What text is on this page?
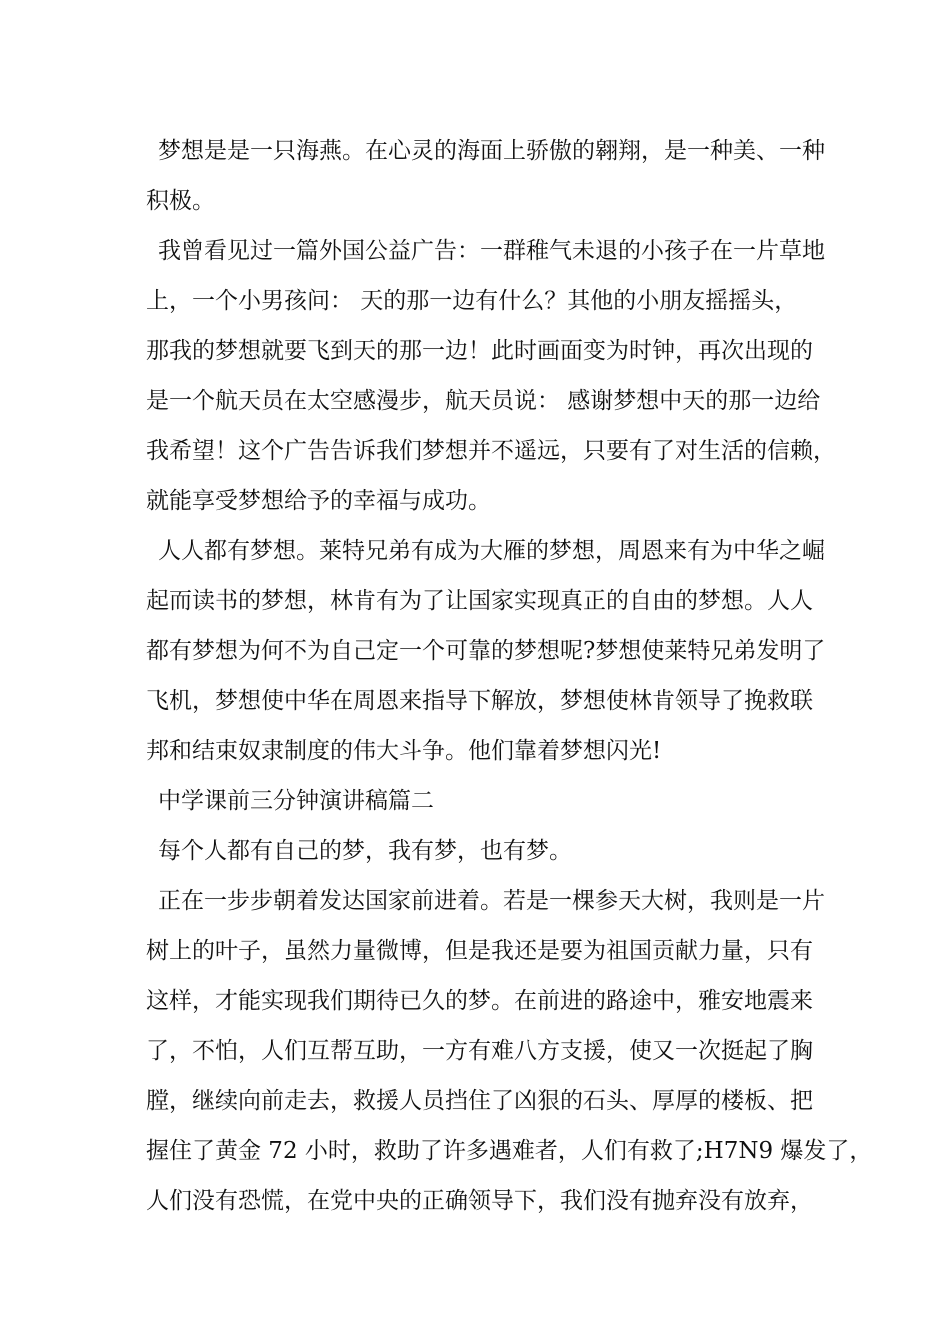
梦想是是一只海燕。在心灵的海面上骄傲的翱翔，是一种美、一种
积极。
我曾看见过一篇外国公益广告：一群稚气未退的小孩子在一片草地
上，一个小男孩问： 天的那一边有什么？其他的小朋友摇摇头，
那我的梦想就要飞到天的那一边！此时画面变为时钟，再次出现的
是一个航天员在太空感漫步，航天员说： 感谢梦想中天的那一边给
我希望！这个广告告诉我们梦想并不遥远，只要有了对生活的信赖，
就能享受梦想给予的幸福与成功。
人人都有梦想。莱特兄弟有成为大雁的梦想，周恩来有为中华之崛
起而读书的梦想，林肯有为了让国家实现真正的自由的梦想。人人
都有梦想为何不为自己定一个可靠的梦想呢?梦想使莱特兄弟发明了
飞机，梦想使中华在周恩来指导下解放，梦想使林肯领导了挽救联
邦和结束奴隶制度的伟大斗争。他们靠着梦想闪光!
中学课前三分钟演讲稿篇二
每个人都有自己的梦，我有梦，也有梦。
正在一步步朝着发达国家前进着。若是一棵参天大树，我则是一片
树上的叶子，虽然力量微博，但是我还是要为祖国贡献力量，只有
这样，才能实现我们期待已久的梦。在前进的路途中，雅安地震来
了，不怕，人们互帮互助，一方有难八方支援，使又一次挺起了胸
膛，继续向前走去，救援人员挡住了凶狠的石头、厚厚的楼板、把
握住了黄金 72 小时，救助了许多遇难者，人们有救了;H7N9 爆发了，
人们没有恐慌，在党中央的正确领导下，我们没有抛弃没有放弃，
